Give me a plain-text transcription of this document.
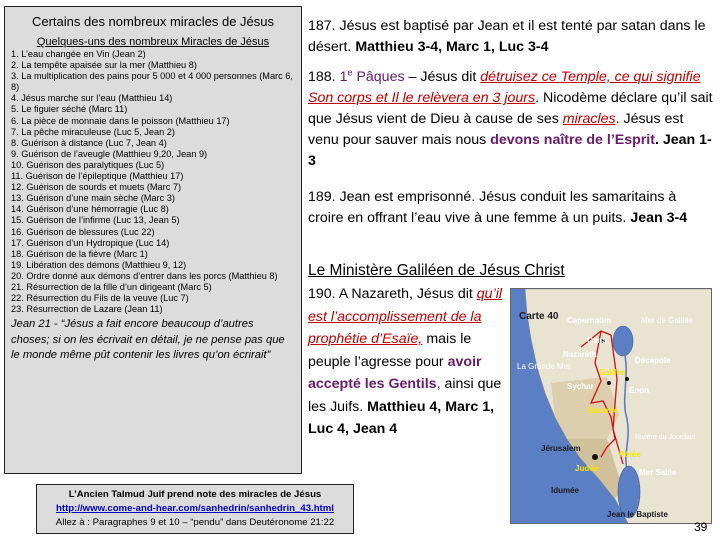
Certains des nombreux miracles de Jésus
Quelques-uns des nombreux Miracles de Jésus
1. L’eau changée en Vin (Jean 2)
2. La tempête apaisée sur la mer (Matthieu 8)
3. La multiplication des pains pour 5 000 et 4 000 personnes (Marc 6, 8)
4. Jésus marche sur l’eau (Matthieu 14)
5. Le figuier séché (Marc 11)
6. La pièce de monnaie dans le poisson (Matthieu 17)
7. La pêche miraculeuse (Luc 5, Jean 2)
8. Guérison à distance (Luc 7, Jean 4)
9. Guérison de l’aveugle (Matthieu 9,20, Jean 9)
10. Guérison des paralytiques (Luc 5)
11. Guérison de l’épileptique (Matthieu 17)
12. Guérison de sourds et muets (Marc 7)
13. Guérison d’une main sèche (Marc 3)
14. Guérison d’une hémorragie (Luc 8)
15. Guérison de l’infirme (Luc 13, Jean 5)
16. Guérison de blessures (Luc 22)
17. Guérison d’un Hydropique (Luc 14)
18. Guérison de la fièvre (Marc 1)
19. Libération des démons (Matthieu 9, 12)
20. Ordre donné aux démons d’entrer dans les porcs (Matthieu 8)
21. Résurrection de la fille d’un dirigeant (Marc 5)
22. Résurrection du Fils de la veuve (Luc 7)
23. Résurrection de Lazare (Jean 11)
Jean 21 - “Jésus a fait encore beaucoup d’autres choses; si on les écrivait en détail, je ne pense pas que le monde même pût contenir les livres qu’on écrirait”
187. Jésus est baptisé par Jean et il est tenté par satan dans le désert. Matthieu 3-4, Marc 1, Luc 3-4
188. 1e Pâques – Jésus dit détruisez ce Temple, ce qui signifie Son corps et Il le relèvera en 3 jours. Nicodème déclare qu’il sait que Jésus vient de Dieu à cause de ses miracles. Jésus est venu pour sauver mais nous devons naître de l’Esprit. Jean 1-3
189. Jean est emprisonné. Jésus conduit les samaritains à croire en offrant l’eau vive à une femme à un puits. Jean 3-4
Le Ministère Galiléen de Jésus Christ
190. A Nazareth, Jésus dit qu’il est l’accomplissement de la prophétie d’Esaïe, mais le peuple l’agresse pour avoir accepté les Gentils, ainsi que les Juifs. Matthieu 4, Marc 1, Luc 4, Jean 4
Carte 40 Capernaüm
Cana
Nazareth
Mer de Galilée
Décapole
Sychar	Enon
La Grande Mer
Samarie
Galilée
Jérusalem
Judée
Pérée
Rivière du Jourdain
Mer Salée
Idumée
Jean le Baptiste
L’Ancien Talmud Juif prend note des miracles de Jésus
http://www.come-and-hear.com/sanhedrin/sanhedrin_43.html
Allez à : Paragraphes 9 et 10 – “pendu” dans Deutéronome 21:22	39
